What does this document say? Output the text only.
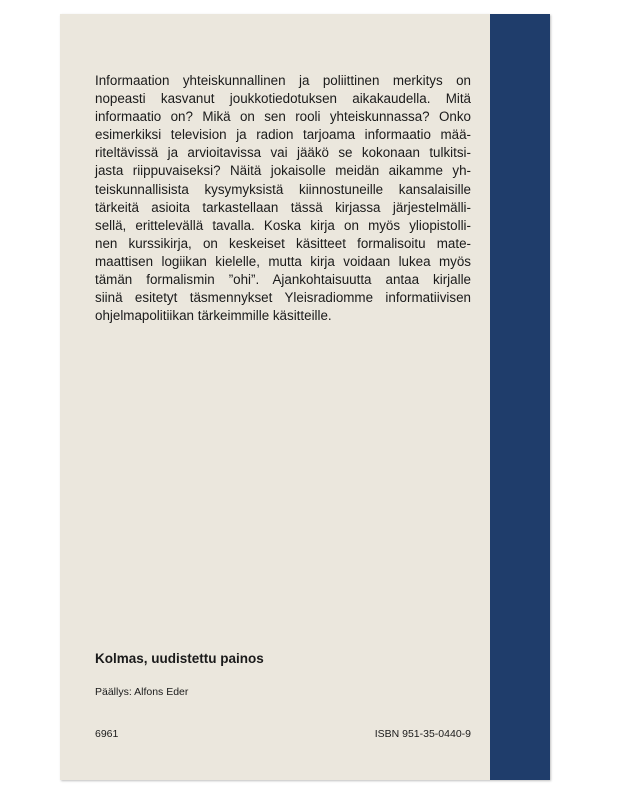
Informaation yhteiskunnallinen ja poliittinen merkitys on
nopeasti kasvanut joukkotiedotuksen aikakaudella. Mitä
informaatio on? Mikä on sen rooli yhteiskunnassa? Onko
esimerkiksi television ja radion tarjoama informaatio mää-
riteltävissä ja arvioitavissa vai jääkö se kokonaan tulkitsi-
jasta riippuvaiseksi? Näitä jokaisolle meidän aikamme yh-
teiskunnallisista kysymyksistä kiinnostuneille kansalaisille
tärkeitä asioita tarkastellaan tässä kirjassa järjestelmälli-
sellä, erittelevällä tavalla. Koska kirja on myös yliopistolli-
nen kurssikirja, on keskeiset käsitteet formalisoitu mate-
maattisen logiikan kielelle, mutta kirja voidaan lukea myös
tämän formalismin ”ohi”. Ajankohtaisuutta antaa kirjalle
siinä esitetyt täsmennykset Yleisradiomme informatiivisen
ohjelmapolitiikan tärkeimmille käsitteille.

Kolmas, uudistettu painos

Päällys: Alfons Eder

6961	ISBN 951-35-0440-9
